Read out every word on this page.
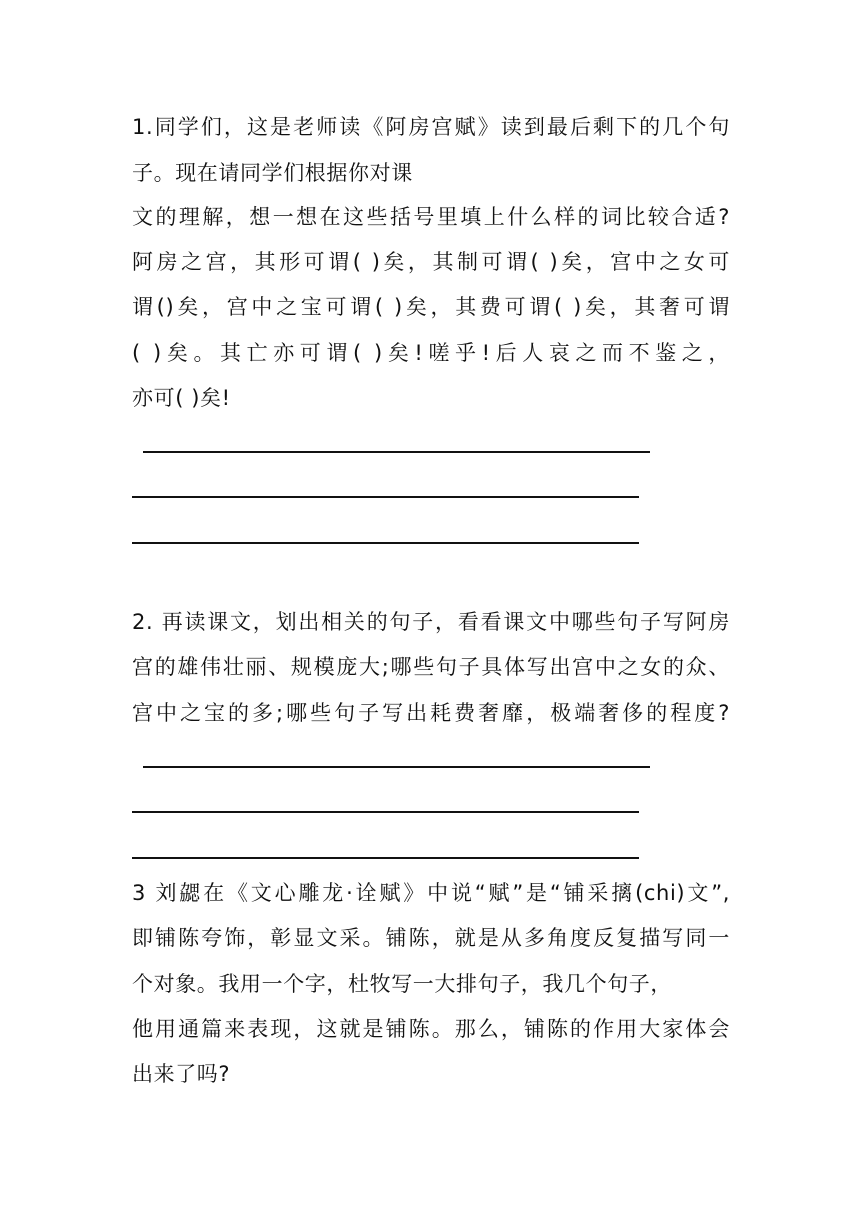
1.同学们，这是老师读《阿房宫赋》读到最后剩下的几个句
子。现在请同学们根据你对课
文的理解，想一想在这些括号里填上什么样的词比较合适?
阿房之宫，其形可谓( )矣，其制可谓( )矣，宫中之女可
谓()矣，宫中之宝可谓( )矣，其费可谓( )矣，其奢可谓
( )矣。其亡亦可谓( )矣!嗟乎!后人哀之而不鉴之，
亦可( )矣!
2. 再读课文，划出相关的句子，看看课文中哪些句子写阿房
宫的雄伟壮丽、规模庞大;哪些句子具体写出宫中之女的众、
宫中之宝的多;哪些句子写出耗费奢靡，极端奢侈的程度?
3 刘勰在《文心雕龙·诠赋》中说“赋”是“铺采摛(chi)文”,
即铺陈夸饰，彰显文采。铺陈，就是从多角度反复描写同一
个对象。我用一个字，杜牧写一大排句子，我几个句子，
他用通篇来表现，这就是铺陈。那么，铺陈的作用大家体会
出来了吗?
